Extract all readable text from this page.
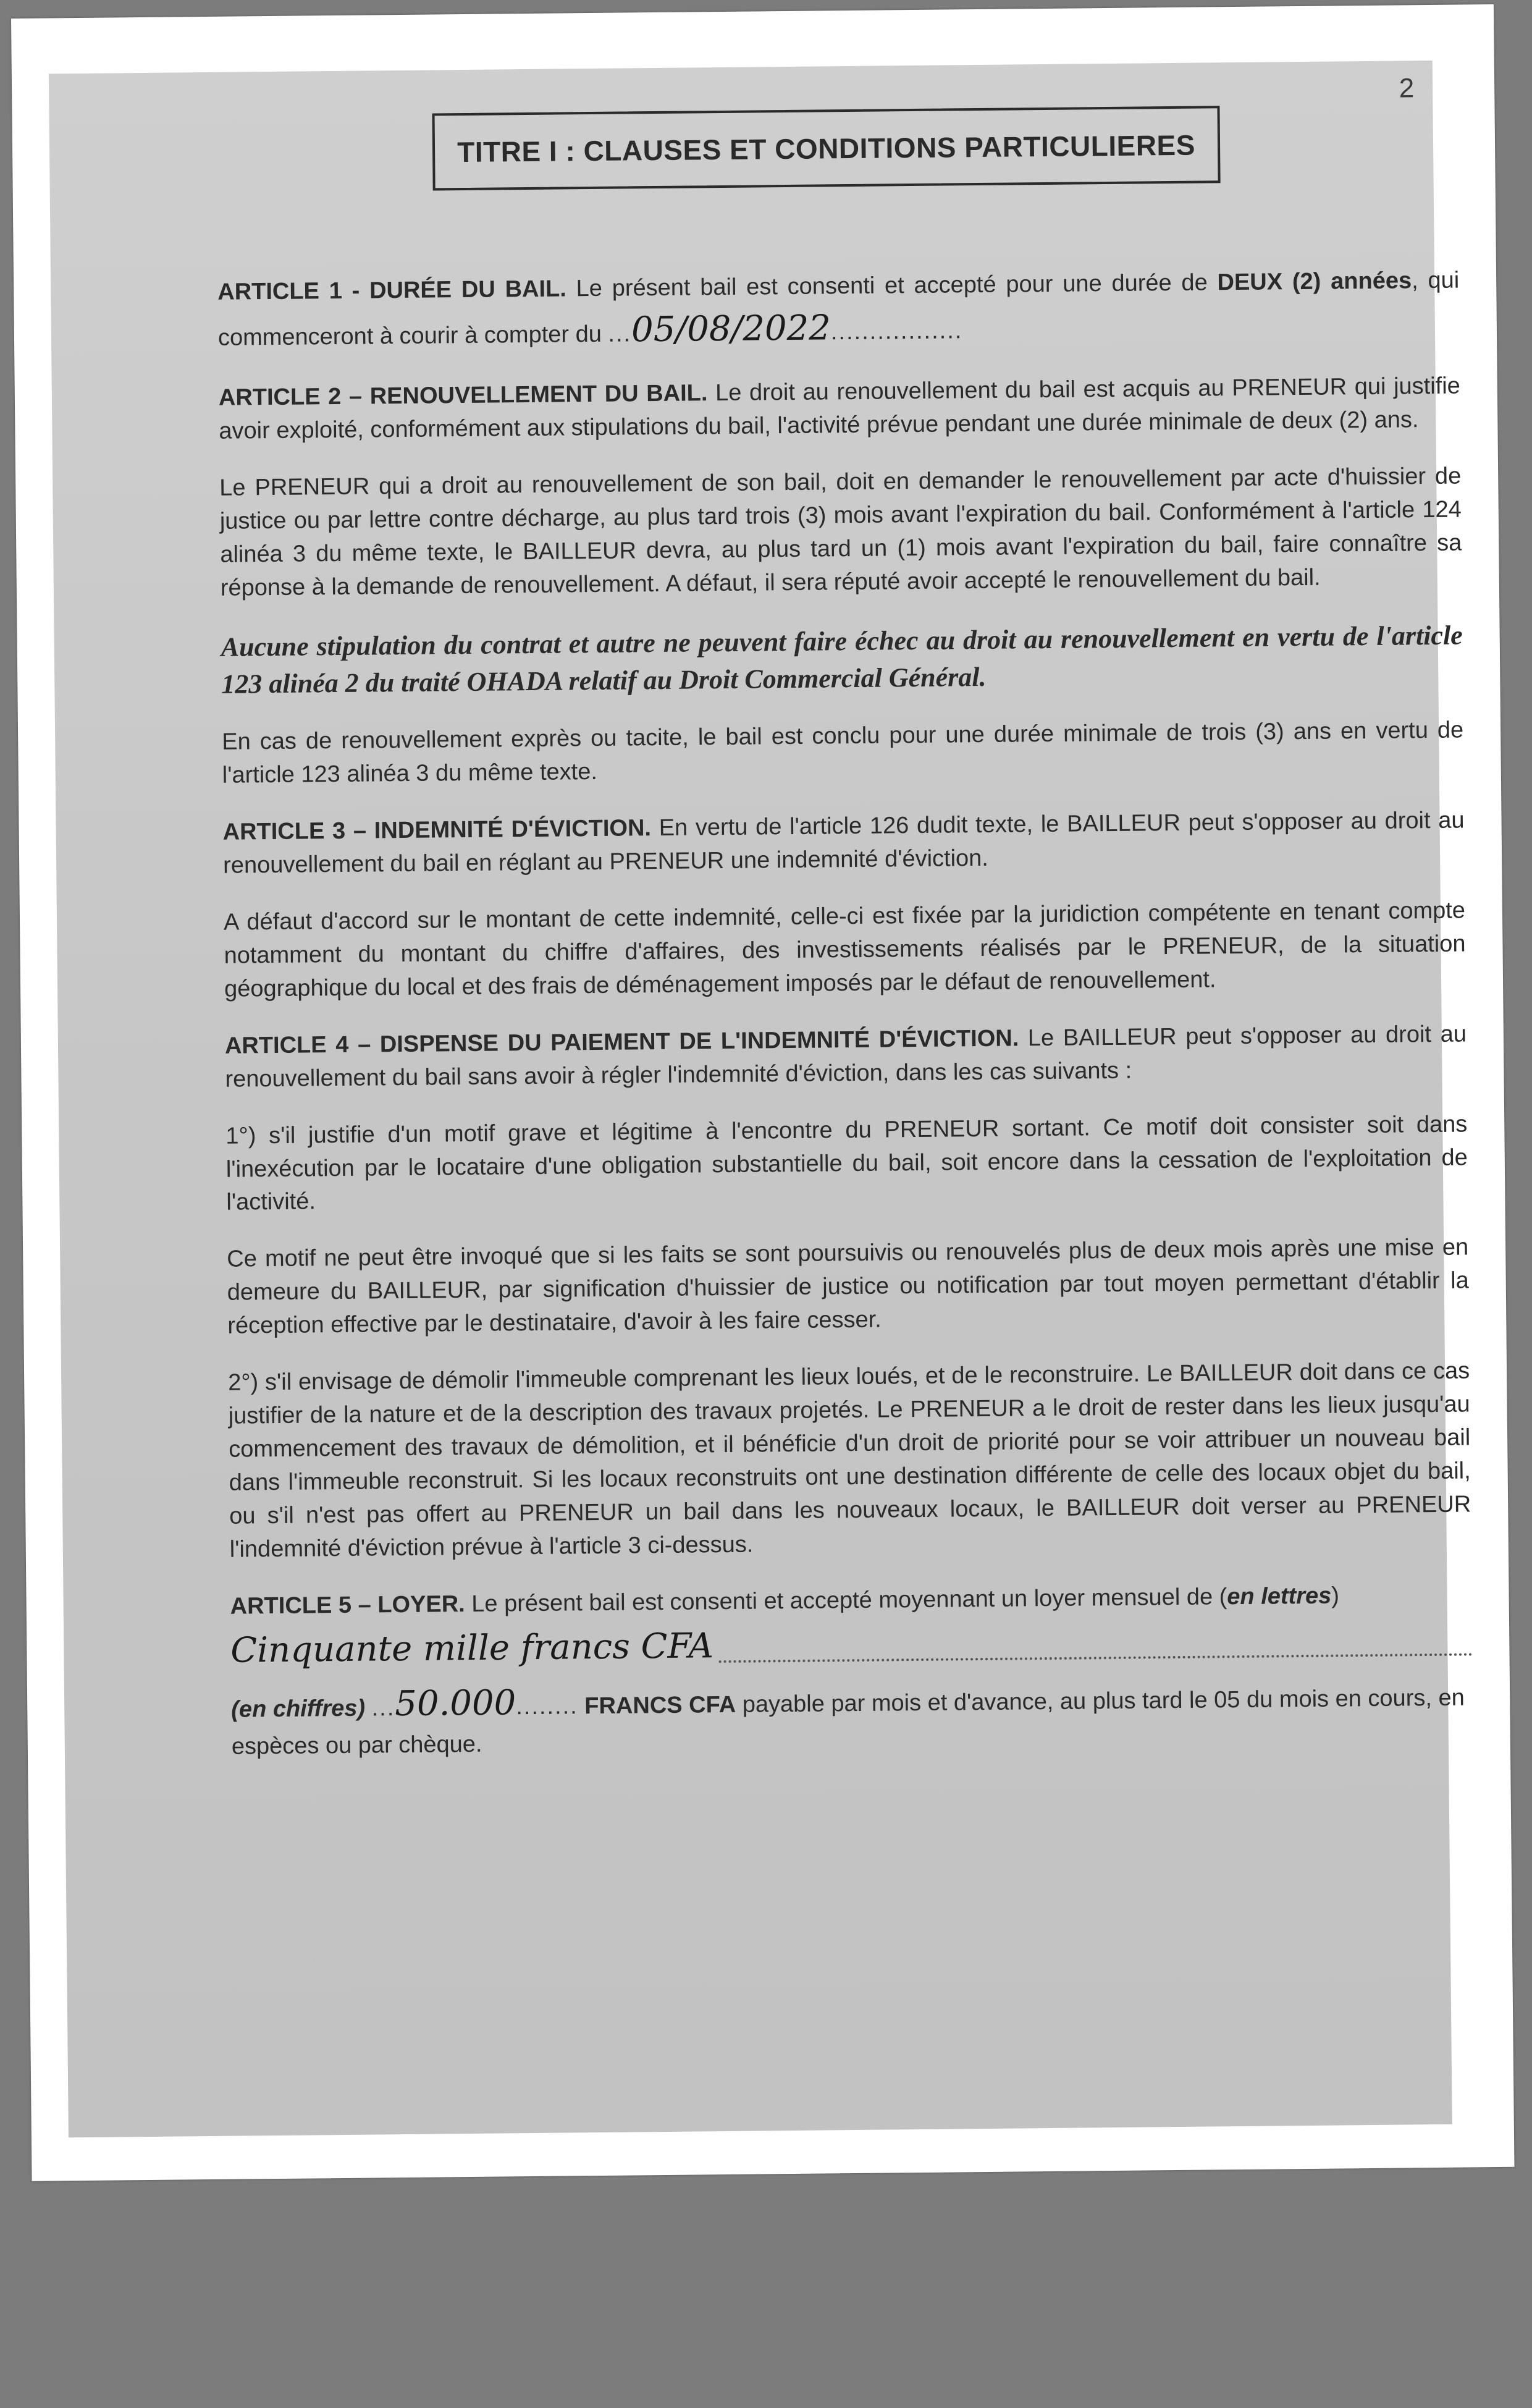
2
TITRE I : CLAUSES ET CONDITIONS PARTICULIERES

ARTICLE 1 - DURÉE DU BAIL. Le présent bail est consenti et accepté pour une durée de DEUX (2) années, qui commenceront à courir à compter du ...05/08/2022.................

ARTICLE 2 – RENOUVELLEMENT DU BAIL. Le droit au renouvellement du bail est acquis au PRENEUR qui justifie avoir exploité, conformément aux stipulations du bail, l'activité prévue pendant une durée minimale de deux (2) ans.

Le PRENEUR qui a droit au renouvellement de son bail, doit en demander le renouvellement par acte d'huissier de justice ou par lettre contre décharge, au plus tard trois (3) mois avant l'expiration du bail. Conformément à l'article 124 alinéa 3 du même texte, le BAILLEUR devra, au plus tard un (1) mois avant l'expiration du bail, faire connaître sa réponse à la demande de renouvellement. A défaut, il sera réputé avoir accepté le renouvellement du bail.

Aucune stipulation du contrat et autre ne peuvent faire échec au droit au renouvellement en vertu de l'article 123 alinéa 2 du traité OHADA relatif au Droit Commercial Général.

En cas de renouvellement exprès ou tacite, le bail est conclu pour une durée minimale de trois (3) ans en vertu de l'article 123 alinéa 3 du même texte.

ARTICLE 3 – INDEMNITÉ D'ÉVICTION. En vertu de l'article 126 dudit texte, le BAILLEUR peut s'opposer au droit au renouvellement du bail en réglant au PRENEUR une indemnité d'éviction.

A défaut d'accord sur le montant de cette indemnité, celle-ci est fixée par la juridiction compétente en tenant compte notamment du montant du chiffre d'affaires, des investissements réalisés par le PRENEUR, de la situation géographique du local et des frais de déménagement imposés par le défaut de renouvellement.

ARTICLE 4 – DISPENSE DU PAIEMENT DE L'INDEMNITÉ D'ÉVICTION. Le BAILLEUR peut s'opposer au droit au renouvellement du bail sans avoir à régler l'indemnité d'éviction, dans les cas suivants :

1°) s'il justifie d'un motif grave et légitime à l'encontre du PRENEUR sortant. Ce motif doit consister soit dans l'inexécution par le locataire d'une obligation substantielle du bail, soit encore dans la cessation de l'exploitation de l'activité.

Ce motif ne peut être invoqué que si les faits se sont poursuivis ou renouvelés plus de deux mois après une mise en demeure du BAILLEUR, par signification d'huissier de justice ou notification par tout moyen permettant d'établir la réception effective par le destinataire, d'avoir à les faire cesser.

2°) s'il envisage de démolir l'immeuble comprenant les lieux loués, et de le reconstruire. Le BAILLEUR doit dans ce cas justifier de la nature et de la description des travaux projetés. Le PRENEUR a le droit de rester dans les lieux jusqu'au commencement des travaux de démolition, et il bénéficie d'un droit de priorité pour se voir attribuer un nouveau bail dans l'immeuble reconstruit. Si les locaux reconstruits ont une destination différente de celle des locaux objet du bail, ou s'il n'est pas offert au PRENEUR un bail dans les nouveaux locaux, le BAILLEUR doit verser au PRENEUR l'indemnité d'éviction prévue à l'article 3 ci-dessus.

ARTICLE 5 – LOYER. Le présent bail est consenti et accepté moyennant un loyer mensuel de (en lettres)
Cinquante mille francs CFA
(en chiffres) ...50.000........ FRANCS CFA payable par mois et d'avance, au plus tard le 05 du mois en cours, en espèces ou par chèque.
